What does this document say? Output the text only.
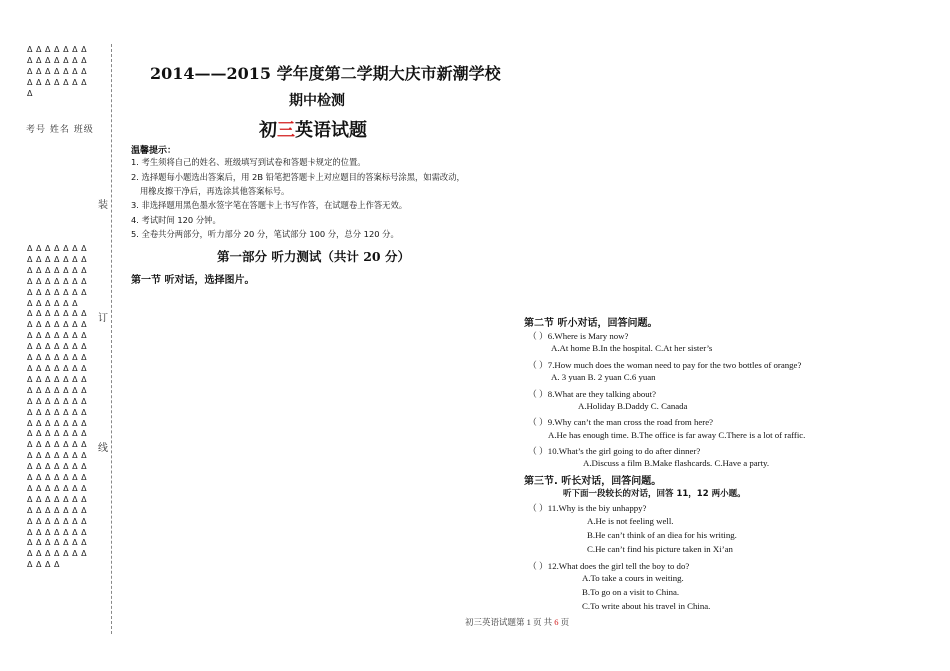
Δ Δ Δ Δ Δ Δ Δ
Δ Δ Δ Δ Δ Δ Δ
Δ Δ Δ Δ Δ Δ Δ
Δ Δ Δ Δ Δ Δ Δ
Δ
考号 姓名 班级
Δ Δ Δ Δ Δ Δ Δ
Δ Δ Δ Δ Δ Δ Δ
Δ Δ Δ Δ Δ Δ Δ
Δ Δ Δ Δ Δ Δ Δ
Δ Δ Δ Δ Δ Δ Δ
Δ Δ Δ Δ Δ Δ
Δ Δ Δ Δ Δ Δ Δ
Δ Δ Δ Δ Δ Δ Δ
Δ Δ Δ Δ Δ Δ Δ
Δ Δ Δ Δ Δ Δ Δ
Δ Δ Δ Δ Δ Δ Δ
Δ Δ Δ Δ Δ Δ Δ
Δ Δ Δ Δ Δ Δ Δ
Δ Δ Δ Δ Δ Δ Δ
Δ Δ Δ Δ Δ Δ Δ
Δ Δ Δ Δ Δ Δ Δ
Δ Δ Δ Δ Δ Δ Δ
Δ Δ Δ Δ Δ Δ Δ
Δ Δ Δ Δ Δ Δ Δ
Δ Δ Δ Δ Δ Δ Δ
Δ Δ Δ Δ Δ Δ Δ
Δ Δ Δ Δ Δ Δ Δ
Δ Δ Δ Δ Δ Δ Δ
Δ Δ Δ Δ Δ Δ Δ
Δ Δ Δ Δ Δ Δ Δ
Δ Δ Δ Δ Δ Δ Δ
Δ Δ Δ Δ Δ Δ Δ
Δ Δ Δ Δ Δ Δ Δ
Δ Δ Δ Δ Δ Δ Δ
Δ Δ Δ Δ
装
订
线
2014——2015 学年度第二学期大庆市新潮学校
期中检测
初三英语试题
温馨提示：
1. 考生须将自己的姓名、班级填写到试卷和答题卡规定的位置。
2. 选择题每小题选出答案后，用 2B 铅笔把答题卡上对应题目的答案标号涂黑，如需改动，
用橡皮擦干净后，再选涂其他答案标号。
3. 非选择题用黑色墨水签字笔在答题卡上书写作答，在试题卷上作答无效。
4. 考试时间 120 分钟。
5. 全卷共分两部分，听力部分 20 分，笔试部分 100 分，总分 120 分。
第一部分 听力测试（共计 20 分）
第一节 听对话，选择图片。
第二节 听小对话，回答问题。
（ ）6.Where is Mary now?
A.At home B.In the hospital. C.At her sister’s
（ ）7.How much does the woman need to pay for the two bottles of orange?
A. 3 yuan B. 2 yuan C.6 yuan
（ ）8.What are they talking about?
A.Holiday B.Daddy C. Canada
（ ）9.Why can’t the man cross the road from here?
A.He has enough time. B.The office is far away C.There is a lot of raffic.
（ ）10.What’s the girl going to do after dinner?
A.Discuss a film B.Make flashcards. C.Have a party.
第三节. 听长对话，回答问题。
听下面一段较长的对话，回答 11，12 两小题。
（ ）11.Why is the biy unhappy?
A.He is not feeling well.
B.He can’t think of an diea for his writing.
C.He can’t find his picture taken in Xi’an
（ ）12.What does the girl tell the boy to do?
A.To take a cours in weiting.
B.To go on a visit to China.
C.To write about his travel in China.
初三英语试题第 1 页 共 6 页
